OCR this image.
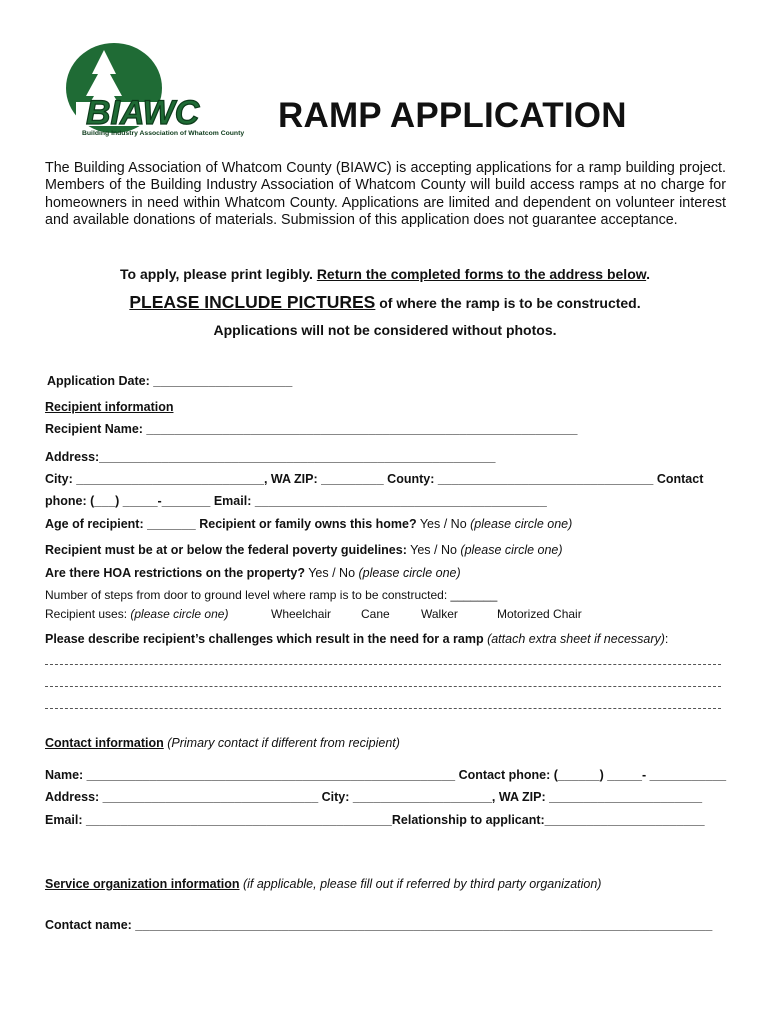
BIAWC
Building Industry Association of Whatcom County RAMP APPLICATION

The Building Association of Whatcom County (BIAWC) is accepting applications for a ramp building project. Members of the Building Industry Association of Whatcom County will build access ramps at no charge for homeowners in need within Whatcom County. Applications are limited and dependent on volunteer interest and available donations of materials. Submission of this application does not guarantee acceptance.

To apply, please print legibly. Return the completed forms to the address below.
PLEASE INCLUDE PICTURES of where the ramp is to be constructed.
Applications will not be considered without photos.
Application Date: ____________________
Recipient information
Recipient Name: ______________________________________________________________
Address:_________________________________________________________
City: ___________________________, WA ZIP: _________ County: _______________________________ Contact
phone: (___) _____-_______ Email: __________________________________________
Age of recipient: _______ Recipient or family owns this home? Yes / No (please circle one)
Recipient must be at or below the federal poverty guidelines: Yes / No (please circle one)
Are there HOA restrictions on the property? Yes / No (please circle one)
Number of steps from door to ground level where ramp is to be constructed: _______
Recipient uses: (please circle one)	Wheelchair Cane	Walker	Motorized Chair
Please describe recipient’s challenges which result in the need for a ramp (attach extra sheet if necessary):
Contact information (Primary contact if different from recipient)
Name: _____________________________________________________ Contact phone: (______) _____- ___________
Address: _______________________________ City: ____________________, WA ZIP: ______________________
Email: ____________________________________________Relationship to applicant:_______________________
Service organization information (if applicable, please fill out if referred by third party organization)
Contact name: ___________________________________________________________________________________
